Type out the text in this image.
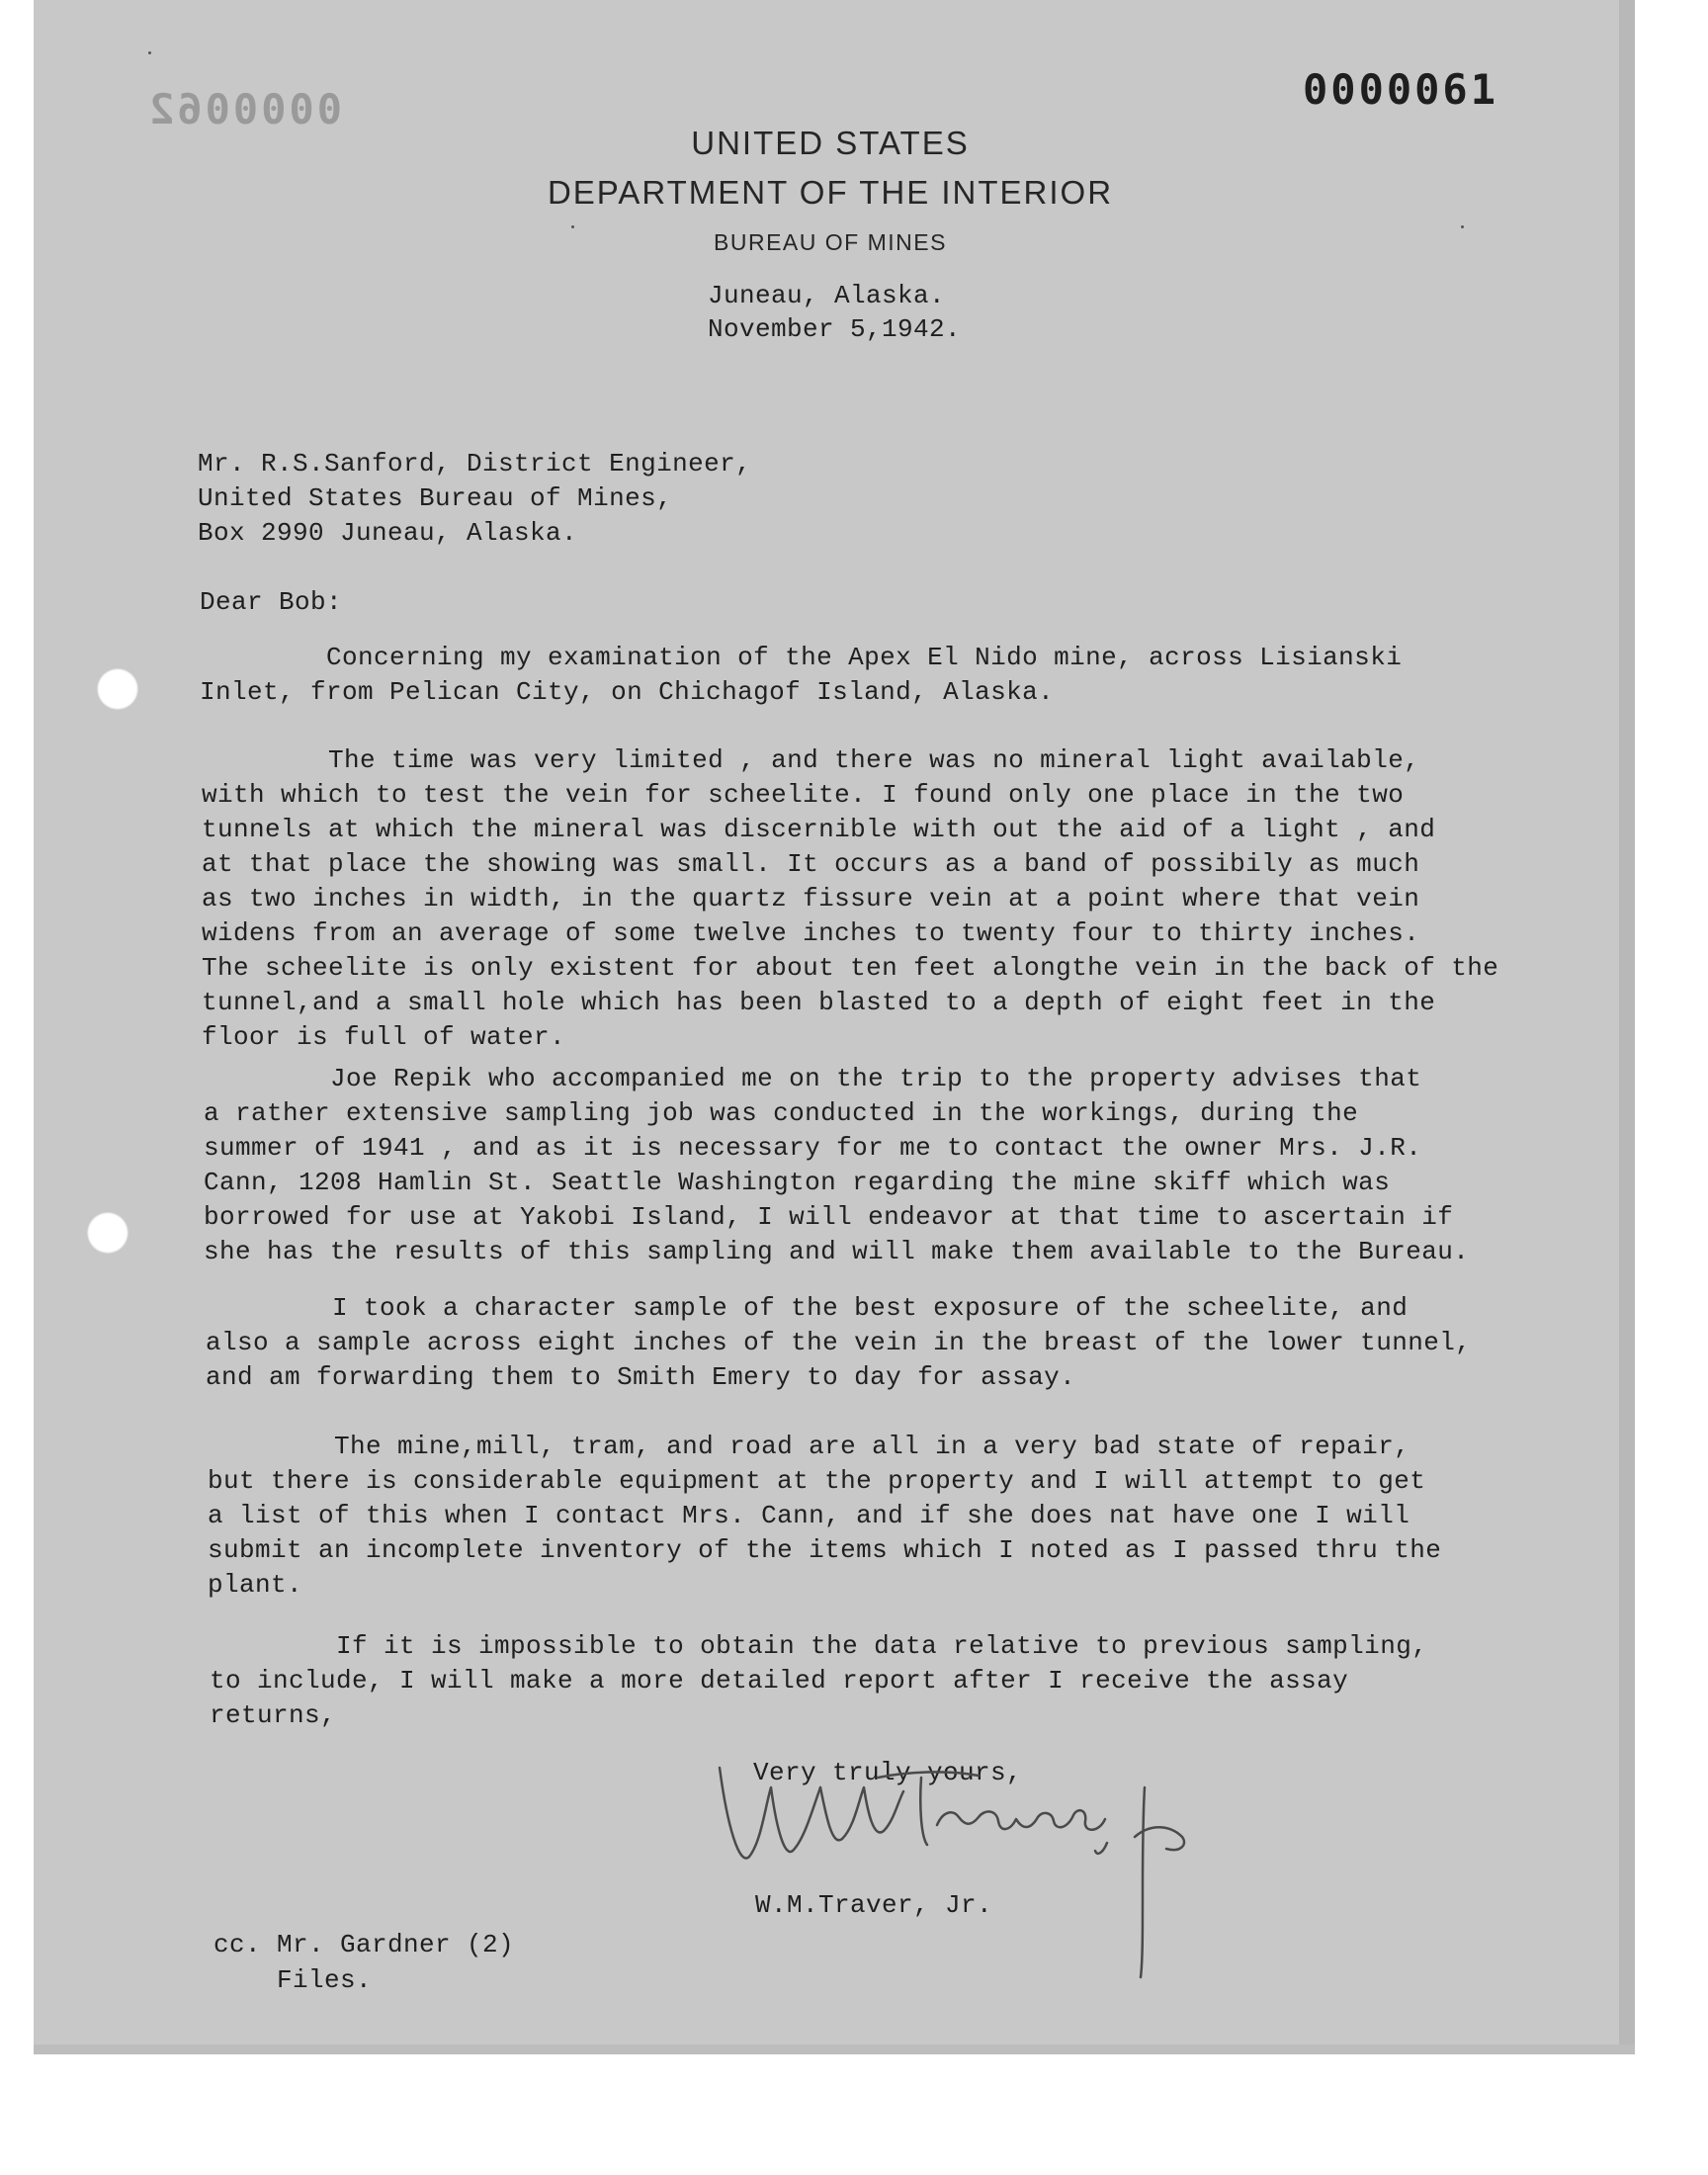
0000061
0000062
UNITED STATES
DEPARTMENT OF THE INTERIOR
BUREAU OF MINES
Juneau, Alaska.
November 5,1942.
Mr. R.S.Sanford, District Engineer,
United States Bureau of Mines,
Box 2990 Juneau, Alaska.
Dear Bob:
Concerning my examination of the Apex El Nido mine, across Lisianski
Inlet, from Pelican City, on Chichagof Island, Alaska.
The time was very limited , and there was no mineral light available,
with which to test the vein for scheelite. I found only one place in the two
tunnels at which the mineral was discernible with out the aid of a light , and
at that place the showing was small. It occurs as a band of possibily as much
as two inches in width, in the quartz fissure vein at a point where that vein
widens from an average of some twelve inches to twenty four to thirty inches.
The scheelite is only existent for about ten feet alongthe vein in the back of the
tunnel,and a small hole which has been blasted to a depth of eight feet in the
floor is full of water.
Joe Repik who accompanied me on the trip to the property advises that
a rather extensive sampling job was conducted in the workings, during the
summer of 1941 , and as it is necessary for me to contact the owner Mrs. J.R.
Cann, 1208 Hamlin St. Seattle Washington regarding the mine skiff which was
borrowed for use at Yakobi Island, I will endeavor at that time to ascertain if
she has the results of this sampling and will make them available to the Bureau.
I took a character sample of the best exposure of the scheelite, and
also a sample across eight inches of the vein in the breast of the lower tunnel,
and am forwarding them to Smith Emery to day for assay.
The mine,mill, tram, and road are all in a very bad state of repair,
but there is considerable equipment at the property and I will attempt to get
a list of this when I contact Mrs. Cann, and if she does nat have one I will
submit an incomplete inventory of the items which I noted as I passed thru the
plant.
If it is impossible to obtain the data relative to previous sampling,
to include, I will make a more detailed report after I receive the assay
returns,
Very truly yours,
W.M.Traver, Jr.
cc. Mr. Gardner (2)
Files.
